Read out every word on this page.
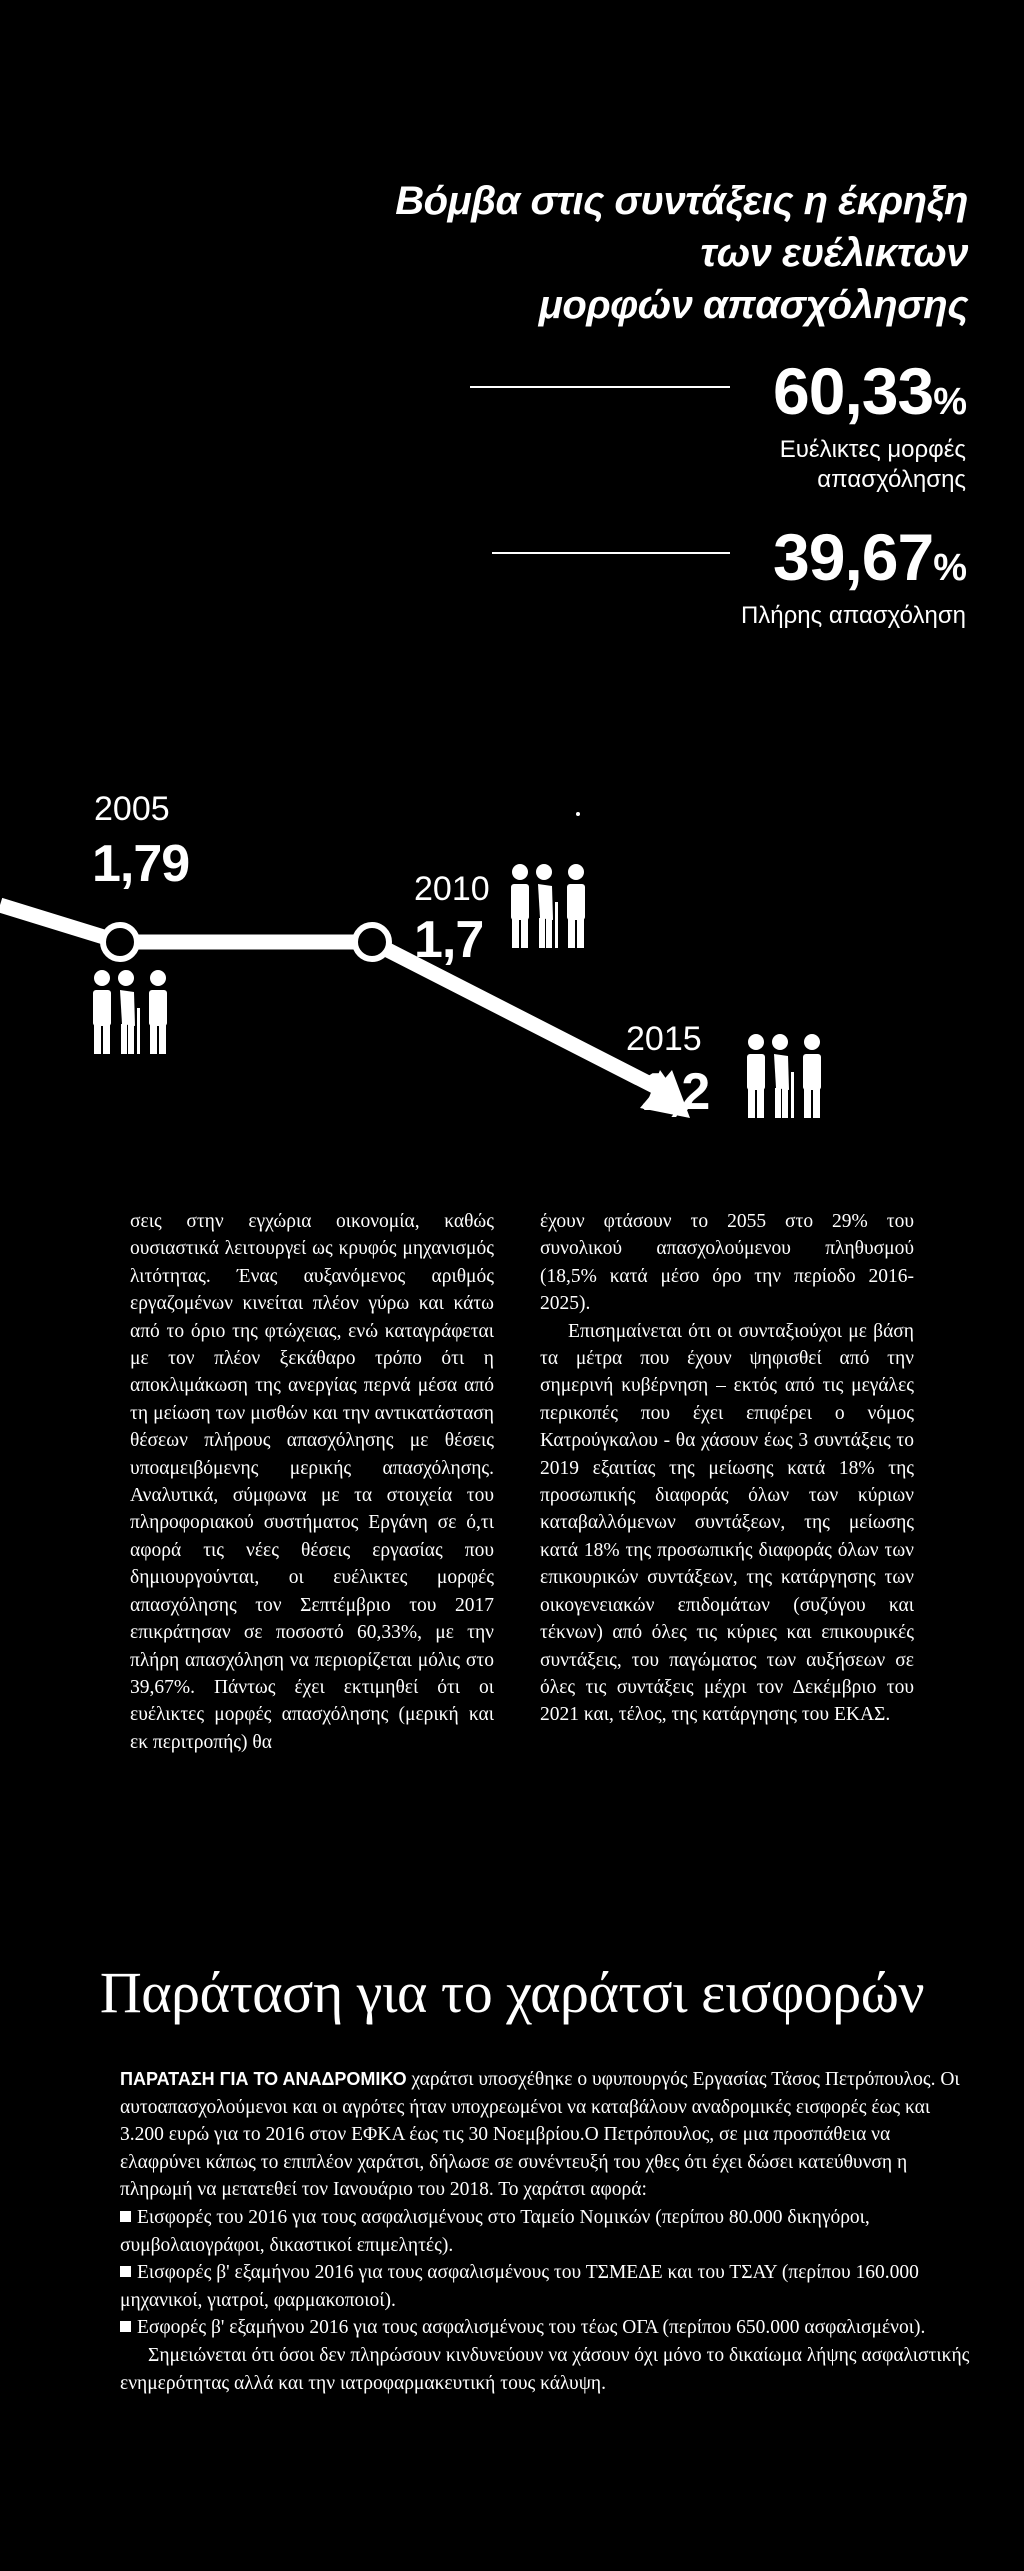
Βόμβα στις συντάξεις η έκρηξη
των ευέλικτων
μορφών απασχόλησης
60,33%
Ευέλικτες μορφές
απασχόλησης
39,67%
Πλήρης απασχόληση
2005
1,79	2010
1,7
2015
1,2

σεις στην εγχώρια οικονομία, καθώς ουσιαστικά λειτουργεί ως κρυφός μηχανισμός λιτότητας. Ένας αυξανόμενος αριθμός εργαζομένων κινείται πλέον γύρω και κάτω από το όριο της φτώχειας, ενώ καταγράφεται με τον πλέον ξεκάθαρο τρόπο ότι η αποκλιμάκωση της ανεργίας περνά μέσα από τη μείωση των μισθών και την αντικατάσταση θέσεων πλήρους απασχόλησης με θέσεις υποαμειβόμενης μερικής απασχόλησης. Αναλυτικά, σύμφωνα με τα στοιχεία του πληροφοριακού συστήματος Εργάνη σε ό,τι αφορά τις νέες θέσεις εργασίας που δημιουργούνται, οι ευέλικτες μορφές απασχόλησης τον Σεπτέμβριο του 2017 επικράτησαν σε ποσοστό 60,33%, με την πλήρη απασχόληση να περιορίζεται μόλις στο 39,67%. Πάντως έχει εκτιμηθεί ότι οι ευέλικτες μορφές απασχόλησης (μερική και εκ περιτροπής) θα

έχουν φτάσουν το 2055 στο 29% του συνολικού απασχολούμενου πληθυσμού (18,5% κατά μέσο όρο την περίοδο 2016-2025).

Επισημαίνεται ότι οι συνταξιούχοι με βάση τα μέτρα που έχουν ψηφισθεί από την σημερινή κυβέρνηση – εκτός από τις μεγάλες περικοπές που έχει επιφέρει ο νόμος Κατρούγκαλου - θα χάσουν έως 3 συντάξεις το 2019 εξαιτίας της μείωσης κατά 18% της προσωπικής διαφοράς όλων των κύριων καταβαλλόμενων συντάξεων, της μείωσης κατά 18% της προσωπικής διαφοράς όλων των επικουρικών συντάξεων, της κατάργησης των οικογενειακών επιδομάτων (συζύγου και τέκνων) από όλες τις κύριες και επικουρικές συντάξεις, του παγώματος των αυξήσεων σε όλες τις συντάξεις μέχρι τον Δεκέμβριο του 2021 και, τέλος, της κατάργησης του ΕΚΑΣ.

Παράταση για το χαράτσι εισφορών

ΠΑΡΑΤΑΣΗ ΓΙΑ ΤΟ ΑΝΑΔΡΟΜΙΚΟ χαράτσι υποσχέθηκε ο υφυπουργός Εργασίας Τάσος Πετρόπουλος. Οι αυτοαπασχολούμενοι και οι αγρότες ήταν υποχρεωμένοι να καταβάλουν αναδρομικές εισφορές έως και 3.200 ευρώ για το 2016 στον ΕΦΚΑ έως τις 30 Νοεμβρίου.Ο Πετρόπουλος, σε μια προσπάθεια να ελαφρύνει κάπως το επιπλέον χαράτσι, δήλωσε σε συνέντευξή του χθες ότι έχει δώσει κατεύθυνση η πληρωμή να μετατεθεί τον Ιανουάριο του 2018. Το χαράτσι αφορά:

Εισφορές του 2016 για τους ασφαλισμένους στο Ταμείο Νομικών (περίπου 80.000 δικηγόροι, συμβολαιογράφοι, δικαστικοί επιμελητές).

Εισφορές β' εξαμήνου 2016 για τους ασφαλισμένους του ΤΣΜΕΔΕ και του ΤΣΑΥ (περίπου 160.000 μηχανικοί, γιατροί, φαρμακοποιοί).

Εσφορές β' εξαμήνου 2016 για τους ασφαλισμένους του τέως ΟΓΑ (περίπου 650.000 ασφαλισμένοι).

Σημειώνεται ότι όσοι δεν πληρώσουν κινδυνεύουν να χάσουν όχι μόνο το δικαίωμα λήψης ασφαλιστικής ενημερότητας αλλά και την ιατροφαρμακευτική τους κάλυψη.
